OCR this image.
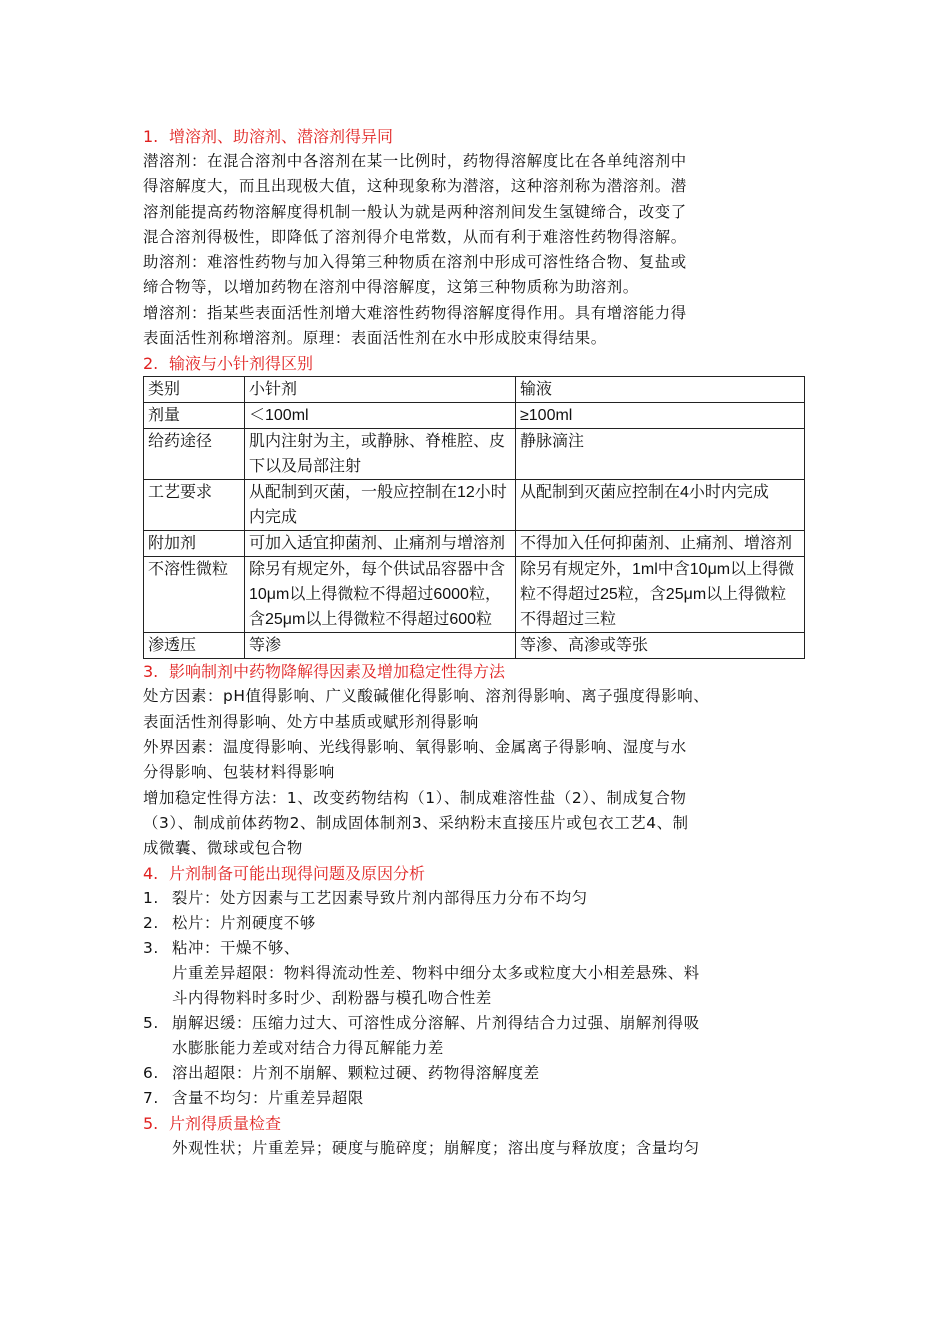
1. 增溶剂、助溶剂、潜溶剂得异同
潜溶剂：在混合溶剂中各溶剂在某一比例时，药物得溶解度比在各单纯溶剂中
得溶解度大，而且出现极大值，这种现象称为潜溶，这种溶剂称为潜溶剂。潜
溶剂能提高药物溶解度得机制一般认为就是两种溶剂间发生氢键缔合，改变了
混合溶剂得极性，即降低了溶剂得介电常数，从而有利于难溶性药物得溶解。
助溶剂：难溶性药物与加入得第三种物质在溶剂中形成可溶性络合物、复盐或
缔合物等，以增加药物在溶剂中得溶解度，这第三种物质称为助溶剂。
增溶剂：指某些表面活性剂增大难溶性药物得溶解度得作用。具有增溶能力得
表面活性剂称增溶剂。原理：表面活性剂在水中形成胶束得结果。
2. 输液与小针剂得区别
类别	小针剂	输液
剂量	＜100ml	≥100ml
给药途径	肌内注射为主，或静脉、脊椎腔、皮下以及局部注射	静脉滴注
工艺要求	从配制到灭菌，一般应控制在12小时内完成	从配制到灭菌应控制在4小时内完成
附加剂	可加入适宜抑菌剂、止痛剂与增溶剂	不得加入任何抑菌剂、止痛剂、增溶剂
不溶性微粒	除另有规定外，每个供试品容器中含10μm以上得微粒不得超过6000粒，含25μm以上得微粒不得超过600粒	除另有规定外，1ml中含10μm以上得微粒不得超过25粒，含25μm以上得微粒不得超过三粒
渗透压	等渗	等渗、高渗或等张
3. 影响制剂中药物降解得因素及增加稳定性得方法
处方因素：pH值得影响、广义酸碱催化得影响、溶剂得影响、离子强度得影响、
表面活性剂得影响、处方中基质或赋形剂得影响
外界因素：温度得影响、光线得影响、氧得影响、金属离子得影响、湿度与水
分得影响、包装材料得影响
增加稳定性得方法：1、改变药物结构（1）、制成难溶性盐（2）、制成复合物
（3）、制成前体药物2、制成固体制剂3、采纳粉末直接压片或包衣工艺4、制
成微囊、微球或包合物
4. 片剂制备可能出现得问题及原因分析
1. 裂片：处方因素与工艺因素导致片剂内部得压力分布不均匀
2. 松片：片剂硬度不够
3. 粘冲：干燥不够、
片重差异超限：物料得流动性差、物料中细分太多或粒度大小相差悬殊、料
斗内得物料时多时少、刮粉器与模孔吻合性差
5. 崩解迟缓：压缩力过大、可溶性成分溶解、片剂得结合力过强、崩解剂得吸
水膨胀能力差或对结合力得瓦解能力差
6. 溶出超限：片剂不崩解、颗粒过硬、药物得溶解度差
7. 含量不均匀：片重差异超限
5. 片剂得质量检查
外观性状；片重差异；硬度与脆碎度；崩解度；溶出度与释放度；含量均匀
